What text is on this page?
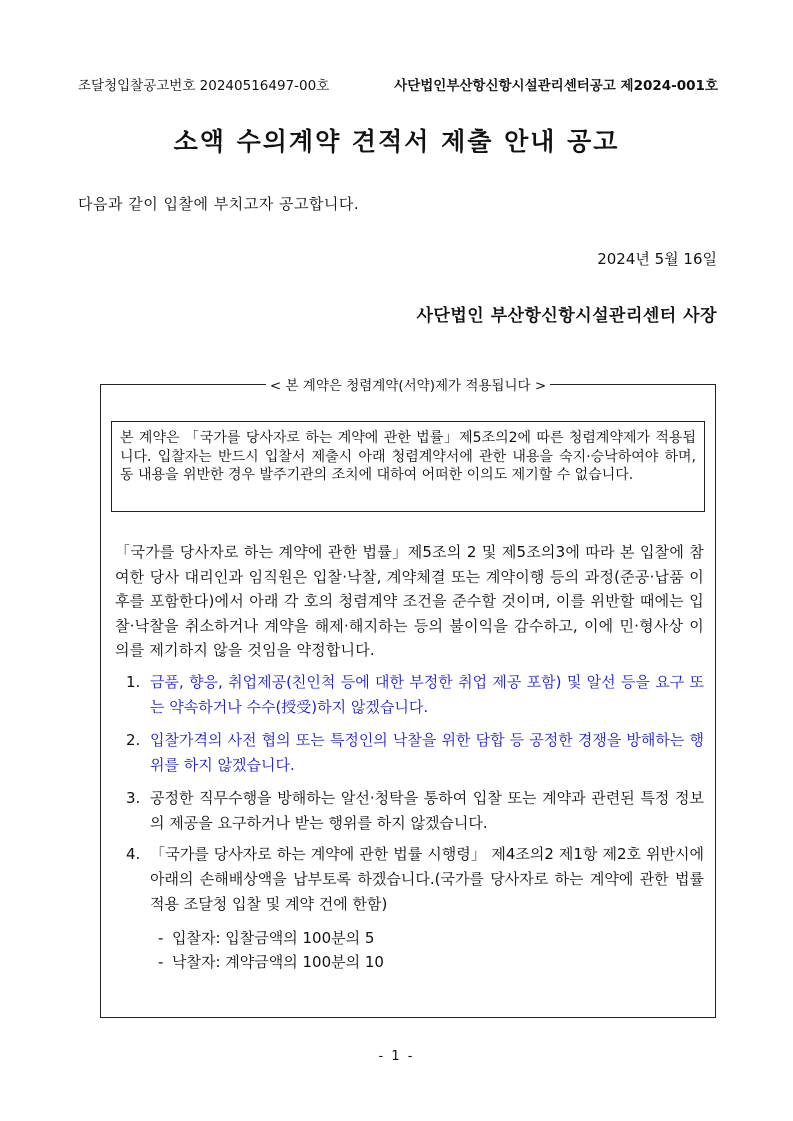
조달청입찰공고번호 20240516497-00호	사단법인부산항신항시설관리센터공고 제2024-001호
소액 수의계약 견적서 제출 안내 공고
다음과 같이 입찰에 부치고자 공고합니다.
2024년 5월 16일
사단법인 부산항신항시설관리센터 사장
< 본 계약은 청렴계약(서약)제가 적용됩니다 >
본 계약은 「국가를 당사자로 하는 계약에 관한 법률」제5조의2에 따른 청렴계약제가 적용됩니다. 입찰자는 반드시 입찰서 제출시 아래 청렴계약서에 관한 내용을 숙지·승낙하여야 하며, 동 내용을 위반한 경우 발주기관의 조치에 대하여 어떠한 이의도 제기할 수 없습니다.
「국가를 당사자로 하는 계약에 관한 법률」제5조의 2 및 제5조의3에 따라 본 입찰에 참여한 당사 대리인과 임직원은 입찰·낙찰, 계약체결 또는 계약이행 등의 과정(준공·납품 이후를 포함한다)에서 아래 각 호의 청렴계약 조건을 준수할 것이며, 이를 위반할 때에는 입찰·낙찰을 취소하거나 계약을 해제·해지하는 등의 불이익을 감수하고, 이에 민·형사상 이의를 제기하지 않을 것임을 약정합니다.
1. 금품, 향응, 취업제공(친인척 등에 대한 부정한 취업 제공 포함) 및 알선 등을 요구 또는 약속하거나 수수(授受)하지 않겠습니다.
2. 입찰가격의 사전 협의 또는 특정인의 낙찰을 위한 담합 등 공정한 경쟁을 방해하는 행위를 하지 않겠습니다.
3. 공정한 직무수행을 방해하는 알선·청탁을 통하여 입찰 또는 계약과 관련된 특정 정보의 제공을 요구하거나 받는 행위를 하지 않겠습니다.
4. 「국가를 당사자로 하는 계약에 관한 법률 시행령」 제4조의2 제1항 제2호 위반시에 아래의 손해배상액을 납부토록 하겠습니다.(국가를 당사자로 하는 계약에 관한 법률 적용 조달청 입찰 및 계약 건에 한함)
- 입찰자: 입찰금액의 100분의 5
- 낙찰자: 계약금액의 100분의 10
- 1 -
